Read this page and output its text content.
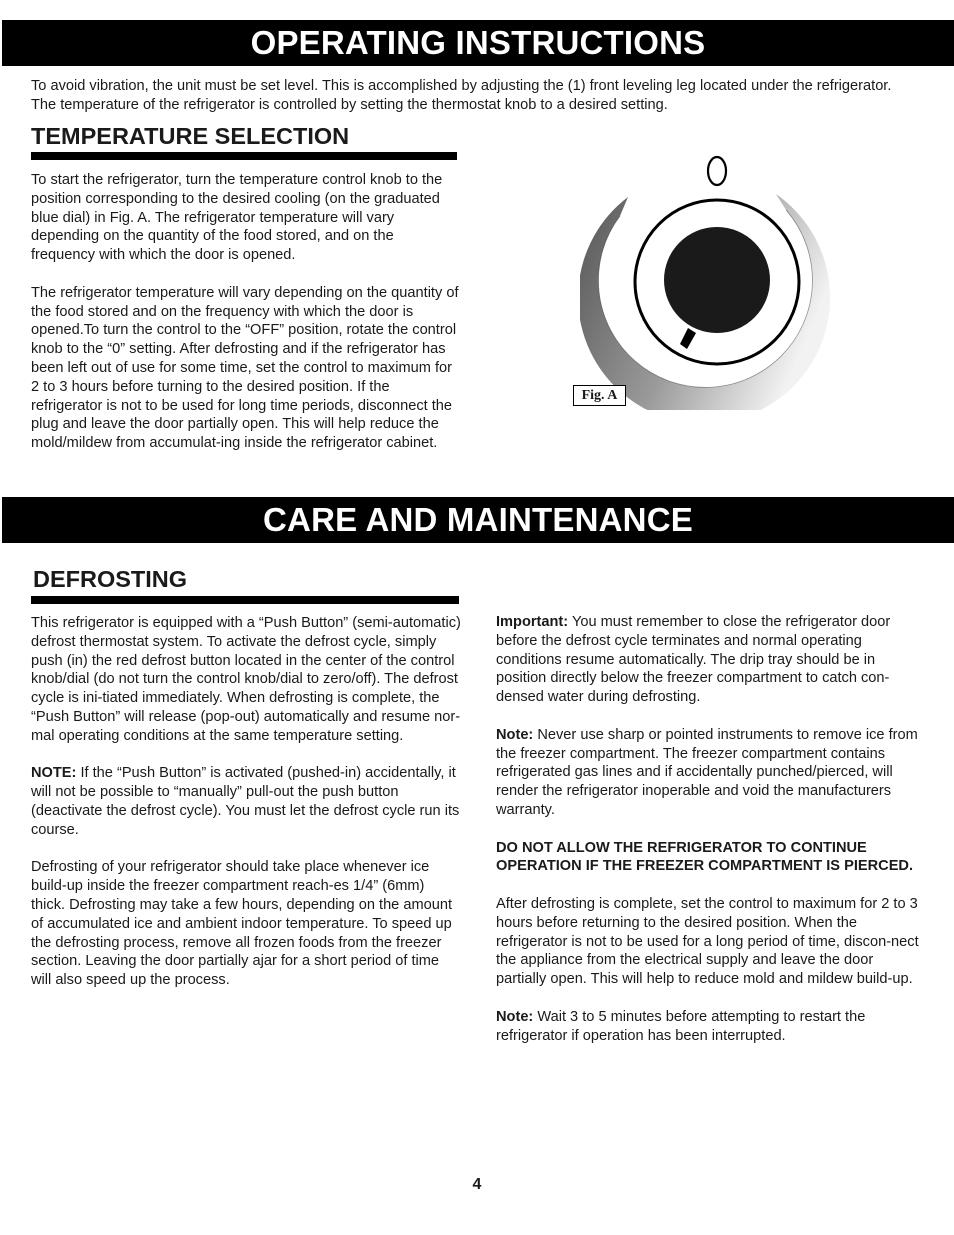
OPERATING INSTRUCTIONS

To avoid vibration, the unit must be set level. This is accomplished by adjusting the (1) front leveling leg located under the refrigerator. The temperature of the refrigerator is controlled by setting the thermostat knob to a desired setting.

TEMPERATURE SELECTION

To start the refrigerator, turn the temperature control knob to the position corresponding to the desired cooling (on the graduated blue dial) in Fig. A. The refrigerator temperature will vary depending on the quantity of the food stored, and on the frequency with which the door is opened.

The refrigerator temperature will vary depending on the quantity of the food stored and on the frequency with which the door is opened.To turn the control to the “OFF” position, rotate the control knob to the “0” setting. After defrosting and if the refrigerator has been left out of use for some time, set the control to maximum for 2 to 3 hours before turning to the desired position. If the refrigerator is not to be used for long time periods, disconnect the plug and leave the door partially open. This will help reduce the mold/mildew from accumulat-ing inside the refrigerator cabinet.

Fig. A
CARE AND MAINTENANCE
DEFROSTING

This refrigerator is equipped with a “Push Button” (semi-automatic) defrost thermostat system. To activate the defrost cycle, simply push (in) the red defrost button located in the center of the control knob/dial (do not turn the control knob/dial to zero/off). The defrost cycle is ini-tiated immediately. When defrosting is complete, the “Push Button” will release (pop-out) automatically and resume nor-mal operating conditions at the same temperature setting.

NOTE: If the “Push Button” is activated (pushed-in) accidentally, it will not be possible to “manually” pull-out the push button (deactivate the defrost cycle). You must let the defrost cycle run its course.

Defrosting of your refrigerator should take place whenever ice build-up inside the freezer compartment reach-es 1/4” (6mm) thick. Defrosting may take a few hours, depending on the amount of accumulated ice and ambient indoor temperature. To speed up the defrosting process, remove all frozen foods from the freezer section. Leaving the door partially ajar for a short period of time will also speed up the process.

Important: You must remember to close the refrigerator door before the defrost cycle terminates and normal operating conditions resume automatically. The drip tray should be in position directly below the freezer compartment to catch con-densed water during defrosting.

Note: Never use sharp or pointed instruments to remove ice from the freezer compartment. The freezer compartment contains refrigerated gas lines and if accidentally punched/pierced, will render the refrigerator inoperable and void the manufacturers warranty.

DO NOT ALLOW THE REFRIGERATOR TO CONTINUE OPERATION IF THE FREEZER COMPARTMENT IS PIERCED.

After defrosting is complete, set the control to maximum for 2 to 3 hours before returning to the desired position. When the refrigerator is not to be used for a long period of time, discon-nect the appliance from the electrical supply and leave the door partially open. This will help to reduce mold and mildew build-up.

Note: Wait 3 to 5 minutes before attempting to restart the refrigerator if operation has been interrupted.

4
